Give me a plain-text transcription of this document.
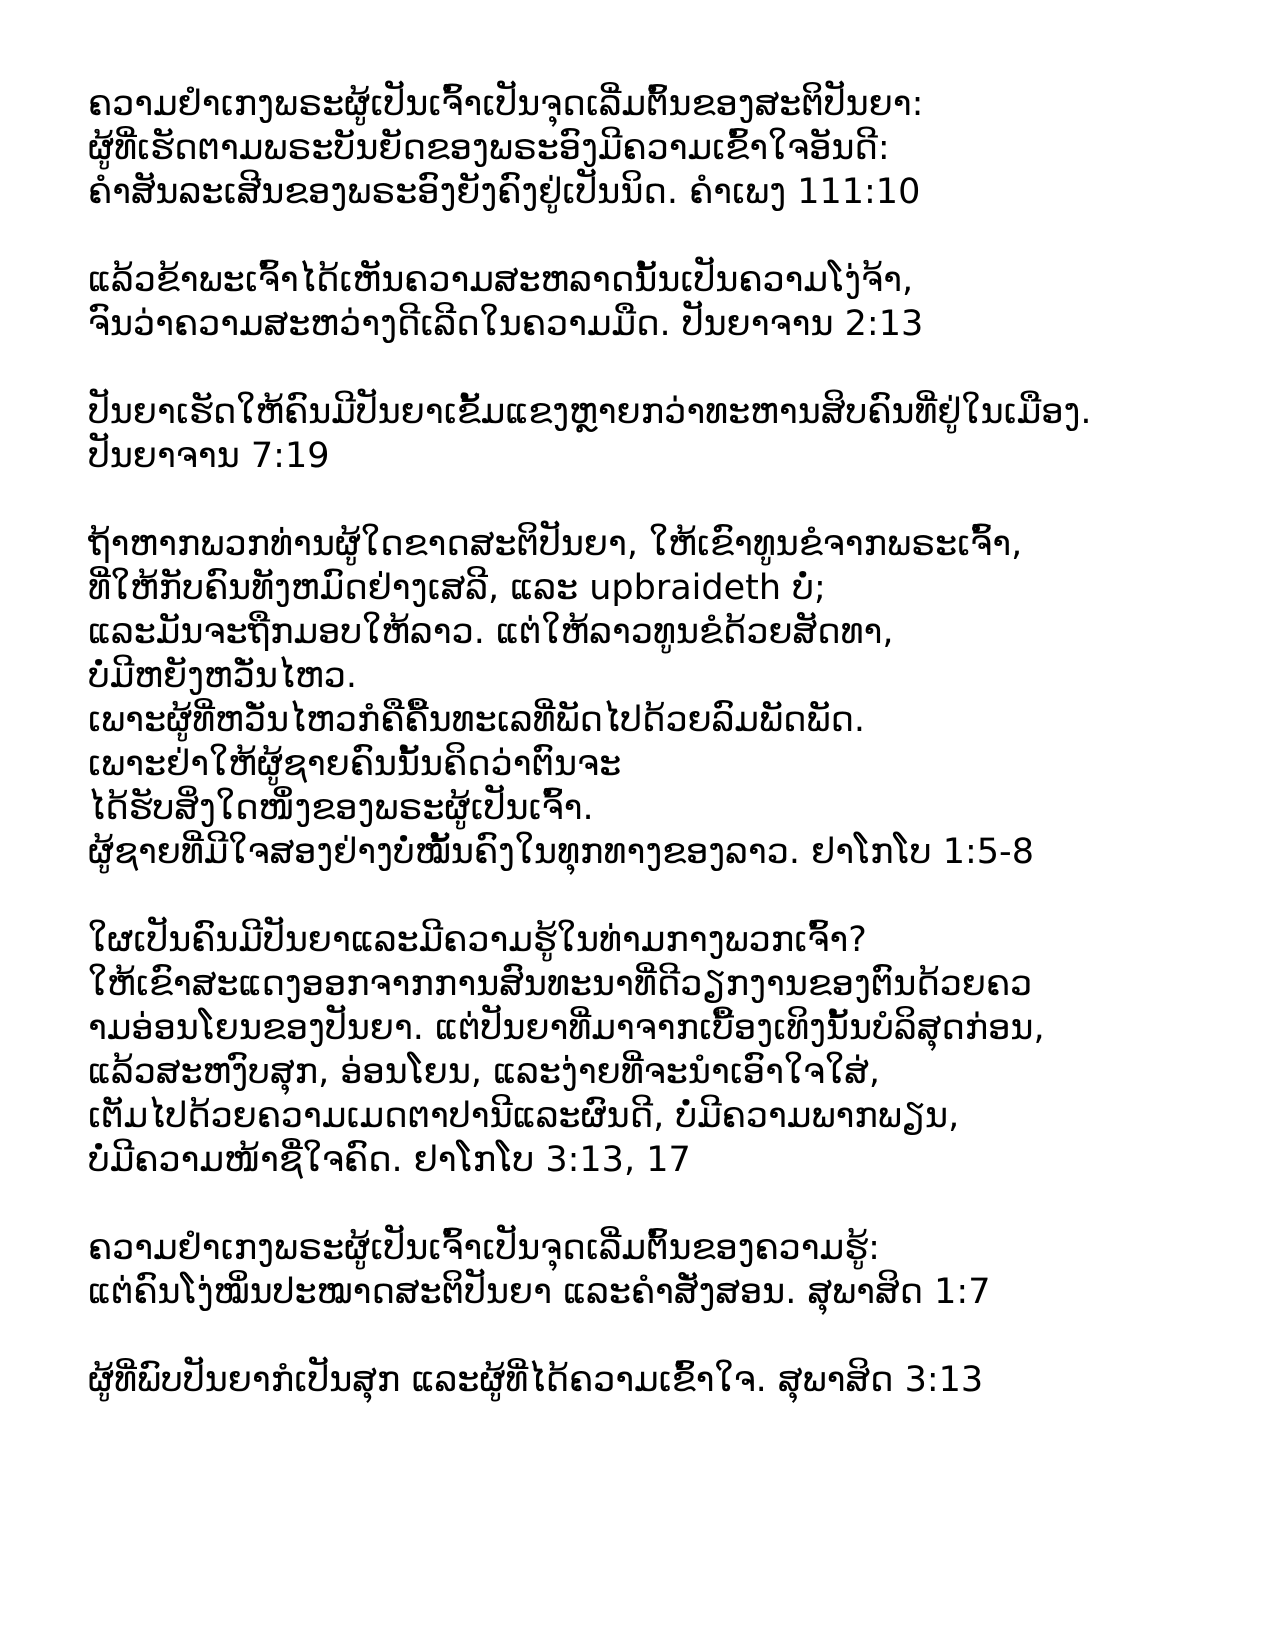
ຄວາມຢຳເກງພຣະຜູ້ເປັນເຈົ້າເປັນຈຸດເລີ່ມຕົ້ນຂອງສະຕິປັນຍາ:
ຜູ້ທີ່ເຮັດຕາມພຣະບັນຍັດຂອງພຣະອົງມີຄວາມເຂົ້າໃຈອັນດີ:
ຄຳສັນລະເສີນຂອງພຣະອົງຍັງຄົງຢູ່ເປັນນິດ. ຄຳເພງ 111:10
ແລ້ວຂ້າພະເຈົ້າໄດ້ເຫັນຄວາມສະຫລາດນັ້ນເປັນຄວາມໂງ່ຈ້າ,
ຈົນວ່າຄວາມສະຫວ່າງດີເລີດໃນຄວາມມືດ. ປັນຍາຈານ 2:13
ປັນຍາເຮັດໃຫ້ຄົນມີປັນຍາເຂັ້ມແຂງຫຼາຍກວ່າທະຫານສິບຄົນທີ່ຢູ່ໃນເມືອງ.
ປັນຍາຈານ 7:19
ຖ້າຫາກພວກທ່ານຜູ້ໃດຂາດສະຕິປັນຍາ, ໃຫ້ເຂົາທູນຂໍຈາກພຣະເຈົ້າ,
ທີ່ໃຫ້ກັບຄົນທັງຫມົດຢ່າງເສລີ, ແລະ upbraideth ບໍ່;
ແລະມັນຈະຖືກມອບໃຫ້ລາວ. ແຕ່ໃຫ້ລາວທູນຂໍດ້ວຍສັດທາ,
ບໍ່ມີຫຍັງຫວັ່ນໄຫວ.
ເພາະຜູ້ທີ່ຫວັ່ນໄຫວກໍຄືຄື້ນທະເລທີ່ພັດໄປດ້ວຍລົມພັດພັດ.
ເພາະຢ່າໃຫ້ຜູ້ຊາຍຄົນນັ້ນຄິດວ່າຕົນຈະ
ໄດ້ຮັບສິ່ງໃດໜຶ່ງຂອງພຣະຜູ້ເປັນເຈົ້າ.
ຜູ້ຊາຍທີ່ມີໃຈສອງຢ່າງບໍ່ໝັ້ນຄົງໃນທຸກທາງຂອງລາວ. ຢາໂກໂບ 1:5-8
ໃຜເປັນຄົນມີປັນຍາແລະມີຄວາມຮູ້ໃນທ່າມກາງພວກເຈົ້າ?
ໃຫ້ເຂົາສະແດງອອກຈາກການສົນທະນາທີ່ດີວຽກງານຂອງຕົນດ້ວຍຄວ
າມອ່ອນໂຍນຂອງປັນຍາ. ແຕ່ປັນຍາທີ່ມາຈາກເບື້ອງເທິງນັ້ນບໍລິສຸດກ່ອນ,
ແລ້ວສະຫງົບສຸກ, ອ່ອນໂຍນ, ແລະງ່າຍທີ່ຈະນໍາເອົາໃຈໃສ່,
ເຕັມໄປດ້ວຍຄວາມເມດຕາປານີແລະຜົນດີ, ບໍ່ມີຄວາມພາກພຽນ,
ບໍ່ມີຄວາມໜ້າຊື່ໃຈຄົດ. ຢາໂກໂບ 3:13, 17
ຄວາມຢຳເກງພຣະຜູ້ເປັນເຈົ້າເປັນຈຸດເລີ່ມຕົ້ນຂອງຄວາມຮູ້:
ແຕ່ຄົນໂງ່ໝິ່ນປະໝາດສະຕິປັນຍາ ແລະຄຳສັ່ງສອນ. ສຸພາສິດ 1:7
ຜູ້ທີ່ພົບປັນຍາກໍເປັນສຸກ ແລະຜູ້ທີ່ໄດ້ຄວາມເຂົ້າໃຈ. ສຸພາສິດ 3:13
